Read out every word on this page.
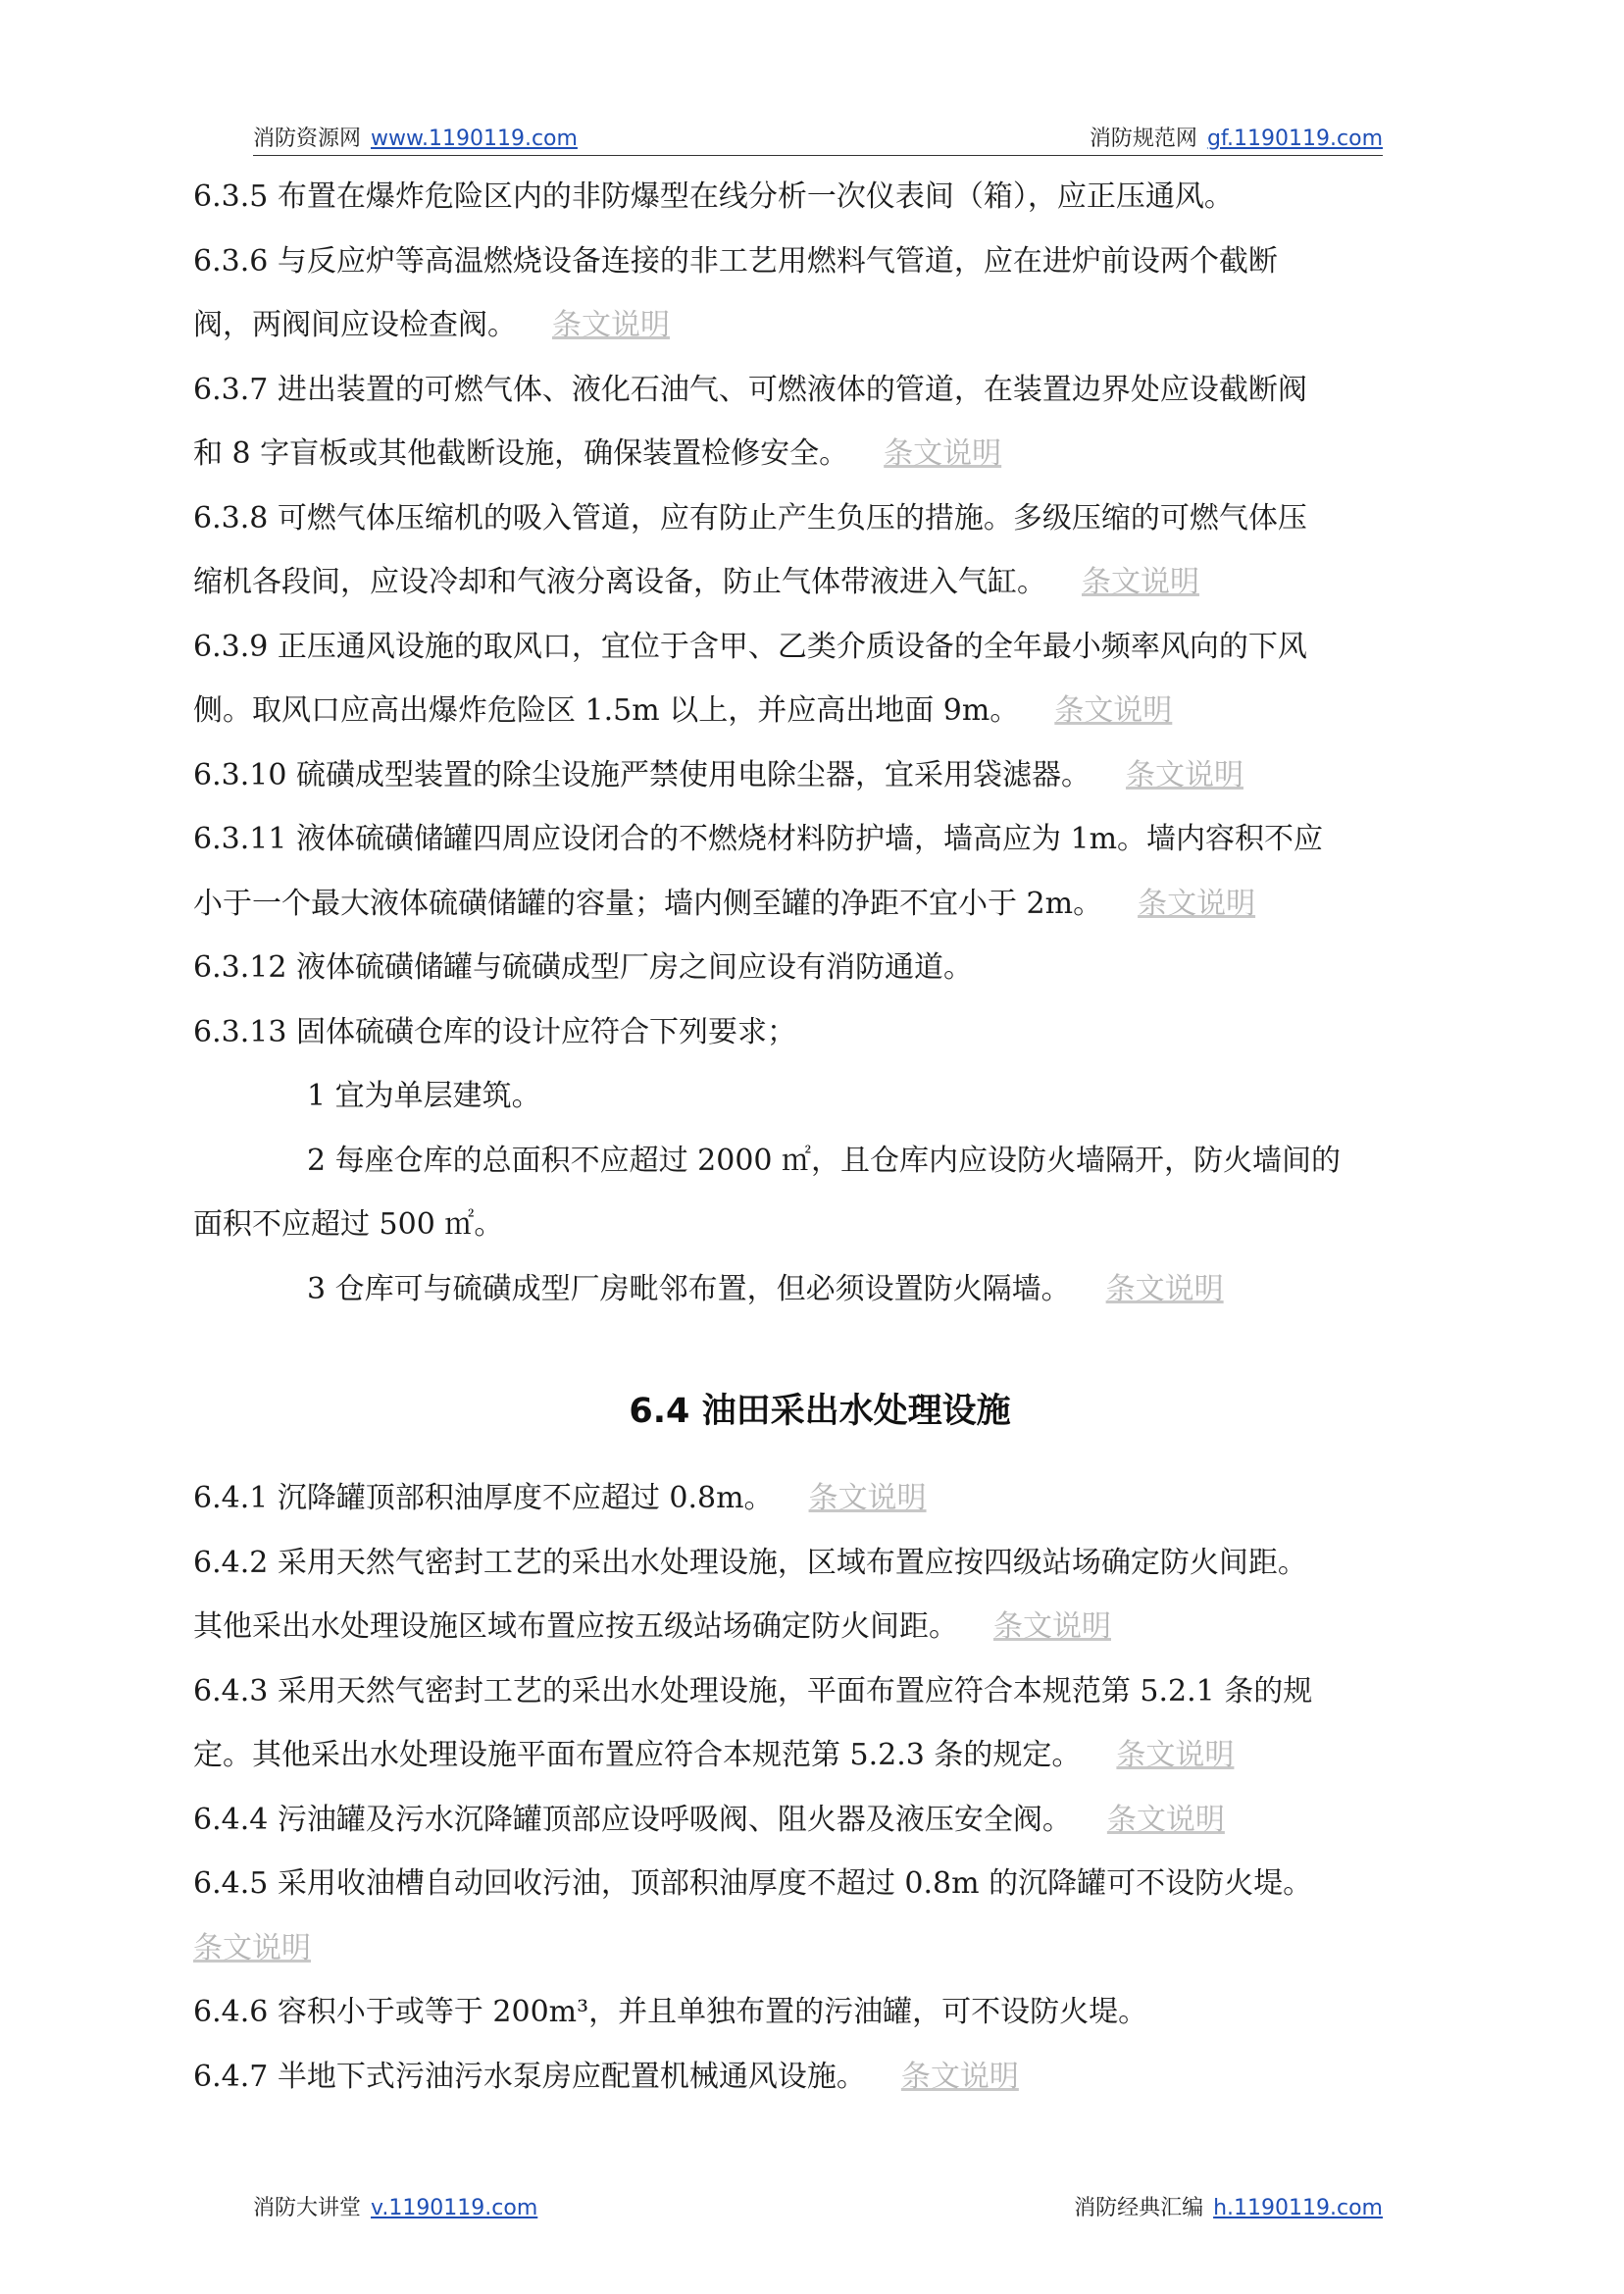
消防资源网 www.1190119.com	消防规范网 gf.1190119.com
6.3.5 布置在爆炸危险区内的非防爆型在线分析一次仪表间（箱），应正压通风。
6.3.6 与反应炉等高温燃烧设备连接的非工艺用燃料气管道，应在进炉前设两个截断
阀，两阀间应设检查阀。 条文说明
6.3.7 进出装置的可燃气体、液化石油气、可燃液体的管道，在装置边界处应设截断阀
和 8 字盲板或其他截断设施，确保装置检修安全。 条文说明
6.3.8 可燃气体压缩机的吸入管道，应有防止产生负压的措施。多级压缩的可燃气体压
缩机各段间，应设冷却和气液分离设备，防止气体带液进入气缸。 条文说明
6.3.9 正压通风设施的取风口，宜位于含甲、乙类介质设备的全年最小频率风向的下风
侧。取风口应高出爆炸危险区 1.5m 以上，并应高出地面 9m。 条文说明
6.3.10 硫磺成型装置的除尘设施严禁使用电除尘器，宜采用袋滤器。 条文说明
6.3.11 液体硫磺储罐四周应设闭合的不燃烧材料防护墙，墙高应为 1m。墙内容积不应
小于一个最大液体硫磺储罐的容量；墙内侧至罐的净距不宜小于 2m。 条文说明
6.3.12 液体硫磺储罐与硫磺成型厂房之间应设有消防通道。
6.3.13 固体硫磺仓库的设计应符合下列要求；
1 宜为单层建筑。
2 每座仓库的总面积不应超过 2000 ㎡，且仓库内应设防火墙隔开，防火墙间的
面积不应超过 500 ㎡。
3 仓库可与硫磺成型厂房毗邻布置，但必须设置防火隔墙。 条文说明
6.4 油田采出水处理设施
6.4.1 沉降罐顶部积油厚度不应超过 0.8m。 条文说明
6.4.2 采用天然气密封工艺的采出水处理设施，区域布置应按四级站场确定防火间距。
其他采出水处理设施区域布置应按五级站场确定防火间距。 条文说明
6.4.3 采用天然气密封工艺的采出水处理设施，平面布置应符合本规范第 5.2.1 条的规
定。其他采出水处理设施平面布置应符合本规范第 5.2.3 条的规定。 条文说明
6.4.4 污油罐及污水沉降罐顶部应设呼吸阀、阻火器及液压安全阀。 条文说明
6.4.5 采用收油槽自动回收污油，顶部积油厚度不超过 0.8m 的沉降罐可不设防火堤。
条文说明
6.4.6 容积小于或等于 200m³，并且单独布置的污油罐，可不设防火堤。
6.4.7 半地下式污油污水泵房应配置机械通风设施。 条文说明
消防大讲堂 v.1190119.com	消防经典汇编 h.1190119.com
